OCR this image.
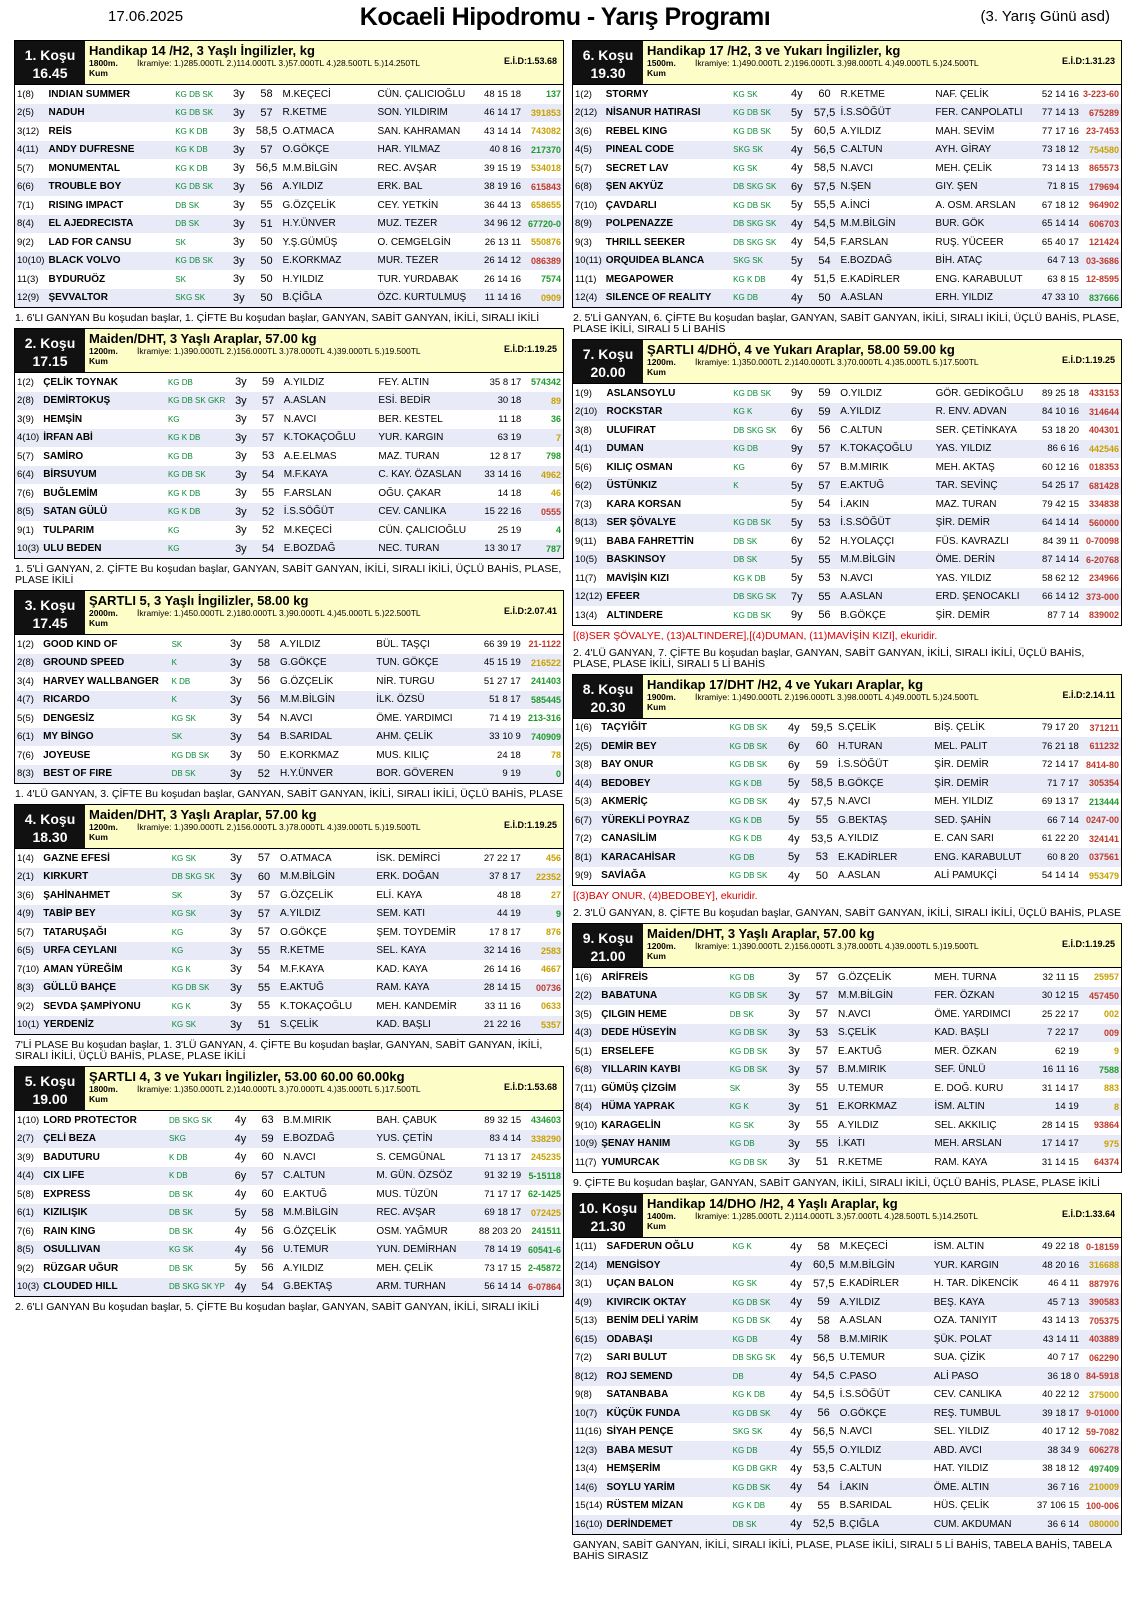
17.06.2025	Kocaeli Hipodromu - Yarış Programı	(3. Yarış Günü asd)
1. Koşu
16.45
Handikap 14 /H2, 3 Yaşlı İngilizler, kg
1800m. Kumİkramiye: 1.)285.000TL 2.)114.000TL 3.)57.000TL 4.)28.500TL 5.)14.250TL	E.İ.D:1.53.68
1(8)	INDIAN SUMMER	KG DB SK	3y	58	M.KEÇECİ	CÜN. ÇALICIOĞLU	48 15 18	137
2(5)	NADUH	KG DB SK	3y	57	R.KETME	SON. YILDIRIM	46 14 17	391853
3(12)	REİS	KG K DB	3y	58,5	O.ATMACA	SAN. KAHRAMAN	43 14 14	743082
4(11)	ANDY DUFRESNE	KG K DB	3y	57	O.GÖKÇE	HAR. YILMAZ	40 8 16	217370
5(7)	MONUMENTAL	KG K DB	3y	56,5	M.M.BİLGİN	REC. AVŞAR	39 15 19	534018
6(6)	TROUBLE BOY	KG DB SK	3y	56	A.YILDIZ	ERK. BAL	38 19 16	615843
7(1)	RISING IMPACT	DB SK	3y	55	G.ÖZÇELİK	CEY. YETKİN	36 44 13	658655
8(4)	EL AJEDRECISTA	DB SK	3y	51	H.Y.ÜNVER	MUZ. TEZER	34 96 12	67720-0
9(2)	LAD FOR CANSU	SK	3y	50	Y.Ş.GÜMÜŞ	O. CEMGELGİN	26 13 11	550876
10(10)	BLACK VOLVO	KG DB SK	3y	50	E.KORKMAZ	MUR. TEZER	26 14 12	086389
11(3)	BYDURUÖZ	SK	3y	50	H.YILDIZ	TUR. YURDABAK	26 14 16	7574
12(9)	ŞEVVALTOR	SKG SK	3y	50	B.ÇİĞLA	ÖZC. KURTULMUŞ	11 14 16	0909
1. 6'LI GANYAN Bu koşudan başlar, 1. ÇİFTE Bu koşudan başlar, GANYAN, SABİT GANYAN, İKİLİ, SIRALI İKİLİ
2. Koşu
17.15
Maiden/DHT, 3 Yaşlı Araplar, 57.00 kg
1200m. Kumİkramiye: 1.)390.000TL 2.)156.000TL 3.)78.000TL 4.)39.000TL 5.)19.500TL	E.İ.D:1.19.25
1(2)	ÇELİK TOYNAK	KG DB	3y	59	A.YILDIZ	FEY. ALTIN	35 8 17	574342
2(8)	DEMİRTOKUŞ	KG DB SK GKR	3y	57	A.ASLAN	ESİ. BEDİR	30 18	89
3(9)	HEMŞİN	KG	3y	57	N.AVCI	BER. KESTEL	11 18	36
4(10)	İRFAN ABİ	KG K DB	3y	57	K.TOKAÇOĞLU	YUR. KARGIN	63 19	7
5(7)	SAMİRO	KG DB	3y	53	A.E.ELMAS	MAZ. TURAN	12 8 17	798
6(4)	BİRSUYUM	KG DB SK	3y	54	M.F.KAYA	C. KAY. ÖZASLAN	33 14 16	4962
7(6)	BUĞLEMİM	KG K DB	3y	55	F.ARSLAN	OĞU. ÇAKAR	14 18	46
8(5)	SATAN GÜLÜ	KG K DB	3y	52	İ.S.SÖĞÜT	CEV. CANLIKA	15 22 16	0555
9(1)	TULPARIM	KG	3y	52	M.KEÇECİ	CÜN. ÇALICIOĞLU	25 19	4
10(3)	ULU BEDEN	KG	3y	54	E.BOZDAĞ	NEC. TURAN	13 30 17	787
1. 5'Lİ GANYAN, 2. ÇİFTE Bu koşudan başlar, GANYAN, SABİT GANYAN, İKİLİ, SIRALI İKİLİ, ÜÇLÜ BAHİS, PLASE, PLASE İKİLİ
3. Koşu
17.45
ŞARTLI 5, 3 Yaşlı İngilizler, 58.00 kg
2000m. Kumİkramiye: 1.)450.000TL 2.)180.000TL 3.)90.000TL 4.)45.000TL 5.)22.500TL	E.İ.D:2.07.41
1(2)	GOOD KIND OF	SK	3y	58	A.YILDIZ	BÜL. TAŞÇI	66 39 19	21-1122
2(8)	GROUND SPEED	K	3y	58	G.GÖKÇE	TUN. GÖKÇE	45 15 19	216522
3(4)	HARVEY WALLBANGER	K DB	3y	56	G.ÖZÇELİK	NİR. TURGU	51 27 17	241403
4(7)	RICARDO	K	3y	56	M.M.BİLGİN	İLK. ÖZSÜ	51 8 17	585445
5(5)	DENGESİZ	KG SK	3y	54	N.AVCI	ÖME. YARDIMCI	71 4 19	213-316
6(1)	MY BİNGO	SK	3y	54	B.SARIDAL	AHM. ÇELİK	33 10 9	740909
7(6)	JOYEUSE	KG DB SK	3y	50	E.KORKMAZ	MUS. KILIÇ	24 18	78
8(3)	BEST OF FIRE	DB SK	3y	52	H.Y.ÜNVER	BOR. GÖVEREN	9 19	0
1. 4'LÜ GANYAN, 3. ÇİFTE Bu koşudan başlar, GANYAN, SABİT GANYAN, İKİLİ, SIRALI İKİLİ, ÜÇLÜ BAHİS, PLASE
4. Koşu
18.30
Maiden/DHT, 3 Yaşlı Araplar, 57.00 kg
1200m. Kumİkramiye: 1.)390.000TL 2.)156.000TL 3.)78.000TL 4.)39.000TL 5.)19.500TL	E.İ.D:1.19.25
1(4)	GAZNE EFESİ	KG SK	3y	57	O.ATMACA	İSK. DEMİRCİ	27 22 17	456
2(1)	KIRKURT	DB SKG SK	3y	60	M.M.BİLGİN	ERK. DOĞAN	37 8 17	22352
3(6)	ŞAHİNAHMET	SK	3y	57	G.ÖZÇELİK	ELİ. KAYA	48 18	27
4(9)	TABİP BEY	KG SK	3y	57	A.YILDIZ	SEM. KATI	44 19	9
5(7)	TATARUŞAĞI	KG	3y	57	O.GÖKÇE	ŞEM. TOYDEMİR	17 8 17	876
6(5)	URFA CEYLANI	KG	3y	55	R.KETME	SEL. KAYA	32 14 16	2583
7(10)	AMAN YÜREĞİM	KG K	3y	54	M.F.KAYA	KAD. KAYA	26 14 16	4667
8(3)	GÜLLÜ BAHÇE	KG DB SK	3y	55	E.AKTUĞ	RAM. KAYA	28 14 15	00736
9(2)	SEVDA ŞAMPİYONU	KG K	3y	55	K.TOKAÇOĞLU	MEH. KANDEMİR	33 11 16	0633
10(1)	YERDENİZ	KG SK	3y	51	S.ÇELİK	KAD. BAŞLI	21 22 16	5357
7'Lİ PLASE Bu koşudan başlar, 1. 3'LÜ GANYAN, 4. ÇİFTE Bu koşudan başlar, GANYAN, SABİT GANYAN, İKİLİ, SIRALI İKİLİ, ÜÇLÜ BAHİS, PLASE, PLASE İKİLİ
5. Koşu
19.00
ŞARTLI 4, 3 ve Yukarı İngilizler, 53.00 60.00 60.00kg
1800m. Kumİkramiye: 1.)350.000TL 2.)140.000TL 3.)70.000TL 4.)35.000TL 5.)17.500TL	E.İ.D:1.53.68
1(10)	LORD PROTECTOR	DB SKG SK	4y	63	B.M.MIRIK	BAH. ÇABUK	89 32 15	434603
2(7)	ÇELİ BEZA	SKG	4y	59	E.BOZDAĞ	YUS. ÇETİN	83 4 14	338290
3(9)	BADUTURU	K DB	4y	60	N.AVCI	S. CEMGÜNAL	71 13 17	245235
4(4)	CIX LIFE	K DB	6y	57	C.ALTUN	M. GÜN. ÖZSÖZ	91 32 19	5-15118
5(8)	EXPRESS	DB SK	4y	60	E.AKTUĞ	MUS. TÜZÜN	71 17 17	62-1425
6(1)	KIZILIŞIK	DB SK	5y	58	M.M.BİLGİN	REC. AVŞAR	69 18 17	072425
7(6)	RAIN KING	DB SK	4y	56	G.ÖZÇELİK	OSM. YAĞMUR	88 203 20	241511
8(5)	OSULLIVAN	KG SK	4y	56	U.TEMUR	YUN. DEMİRHAN	78 14 19	60541-6
9(2)	RÜZGAR UĞUR	DB SK	5y	56	A.YILDIZ	MEH. ÇELİK	73 17 15	2-45872
10(3)	CLOUDED HILL	DB SKG SK YP	4y	54	G.BEKTAŞ	ARM. TURHAN	56 14 14	6-07864
2. 6'LI GANYAN Bu koşudan başlar, 5. ÇİFTE Bu koşudan başlar, GANYAN, SABİT GANYAN, İKİLİ, SIRALI İKİLİ
6. Koşu
19.30
Handikap 17 /H2, 3 ve Yukarı İngilizler, kg
1500m. Kumİkramiye: 1.)490.000TL 2.)196.000TL 3.)98.000TL 4.)49.000TL 5.)24.500TL	E.İ.D:1.31.23
1(2)	STORMY	KG SK	4y	60	R.KETME	NAF. ÇELİK	52 14 16	3-223-60
2(12)	NİSANUR HATIRASI	KG DB SK	5y	57,5	İ.S.SÖĞÜT	FER. CANPOLATLI	77 14 13	675289
3(6)	REBEL KING	KG DB SK	5y	60,5	A.YILDIZ	MAH. SEVİM	77 17 16	23-7453
4(5)	PINEAL CODE	SKG SK	4y	56,5	C.ALTUN	AYH. GİRAY	73 18 12	754580
5(7)	SECRET LAV	KG SK	4y	58,5	N.AVCI	MEH. ÇELİK	73 14 13	865573
6(8)	ŞEN AKYÜZ	DB SKG SK	6y	57,5	N.ŞEN	GIY. ŞEN	71 8 15	179694
7(10)	ÇAVDARLI	KG DB SK	5y	55,5	A.İNCİ	A. OSM. ARSLAN	67 18 12	964902
8(9)	POLPENAZZE	DB SKG SK	4y	54,5	M.M.BİLGİN	BUR. GÖK	65 14 14	606703
9(3)	THRILL SEEKER	DB SKG SK	4y	54,5	F.ARSLAN	RUŞ. YÜCEER	65 40 17	121424
10(11)	ORQUIDEA BLANCA	SKG SK	5y	54	E.BOZDAĞ	BİH. ATAÇ	64 7 13	03-3686
11(1)	MEGAPOWER	KG K DB	4y	51,5	E.KADİRLER	ENG. KARABULUT	63 8 15	12-8595
12(4)	SILENCE OF REALITY	KG DB	4y	50	A.ASLAN	ERH. YILDIZ	47 33 10	837666
2. 5'Lİ GANYAN, 6. ÇİFTE Bu koşudan başlar, GANYAN, SABİT GANYAN, İKİLİ, SIRALI İKİLİ, ÜÇLÜ BAHİS, PLASE, PLASE İKİLİ, SIRALI 5 Lİ BAHİS
7. Koşu
20.00
ŞARTLI 4/DHÖ, 4 ve Yukarı Araplar, 58.00 59.00 kg
1200m. Kumİkramiye: 1.)350.000TL 2.)140.000TL 3.)70.000TL 4.)35.000TL 5.)17.500TL	E.İ.D:1.19.25
1(9)	ASLANSOYLU	KG DB SK	9y	59	O.YILDIZ	GÖR. GEDİKOĞLU	89 25 18	433153
2(10)	ROCKSTAR	KG K	6y	59	A.YILDIZ	R. ENV. ADVAN	84 10 16	314644
3(8)	ULUFIRAT	DB SKG SK	6y	56	C.ALTUN	SER. ÇETİNKAYA	53 18 20	404301
4(1)	DUMAN	KG DB	9y	57	K.TOKAÇOĞLU	YAS. YILDIZ	86 6 16	442546
5(6)	KILIÇ OSMAN	KG	6y	57	B.M.MIRIK	MEH. AKTAŞ	60 12 16	018353
6(2)	ÜSTÜNKIZ	K	5y	57	E.AKTUĞ	TAR. SEVİNÇ	54 25 17	681428
7(3)	KARA KORSAN		5y	54	İ.AKIN	MAZ. TURAN	79 42 15	334838
8(13)	SER ŞÖVALYE	KG DB SK	5y	53	İ.S.SÖĞÜT	ŞİR. DEMİR	64 14 14	560000
9(11)	BABA FAHRETTİN	DB SK	6y	52	H.YOLAÇÇI	FÜS. KAVRAZLI	84 39 11	0-70098
10(5)	BASKINSOY	DB SK	5y	55	M.M.BİLGİN	ÖME. DERİN	87 14 14	6-20768
11(7)	MAVİŞİN KIZI	KG K DB	5y	53	N.AVCI	YAS. YILDIZ	58 62 12	234966
12(12)	EFEER	DB SKG SK	7y	55	A.ASLAN	ERD. ŞENOCAKLI	66 14 12	373-000
13(4)	ALTINDERE	KG DB SK	9y	56	B.GÖKÇE	ŞİR. DEMİR	87 7 14	839002
[(8)SER ŞÖVALYE, (13)ALTINDERE],[(4)DUMAN, (11)MAVİŞİN KIZI], ekuridir.
2. 4'LÜ GANYAN, 7. ÇİFTE Bu koşudan başlar, GANYAN, SABİT GANYAN, İKİLİ, SIRALI İKİLİ, ÜÇLÜ BAHİS, PLASE, PLASE İKİLİ, SIRALI 5 Lİ BAHİS
8. Koşu
20.30
Handikap 17/DHT /H2, 4 ve Yukarı Araplar, kg
1900m. Kumİkramiye: 1.)490.000TL 2.)196.000TL 3.)98.000TL 4.)49.000TL 5.)24.500TL	E.İ.D:2.14.11
1(6)	TAÇYİĞİT	KG DB SK	4y	59,5	S.ÇELİK	BİŞ. ÇELİK	79 17 20	371211
2(5)	DEMİR BEY	KG DB SK	6y	60	H.TURAN	MEL. PALIT	76 21 18	611232
3(8)	BAY ONUR	KG DB SK	6y	59	İ.S.SÖĞÜT	ŞİR. DEMİR	72 14 17	8414-80
4(4)	BEDOBEY	KG K DB	5y	58,5	B.GÖKÇE	ŞİR. DEMİR	71 7 17	305354
5(3)	AKMERİÇ	KG DB SK	4y	57,5	N.AVCI	MEH. YILDIZ	69 13 17	213444
6(7)	YÜREKLİ POYRAZ	KG K DB	5y	55	G.BEKTAŞ	SED. ŞAHİN	66 7 14	0247-00
7(2)	CANASİLİM	KG K DB	4y	53,5	A.YILDIZ	E. CAN SARI	61 22 20	324141
8(1)	KARACAHİSAR	KG DB	5y	53	E.KADİRLER	ENG. KARABULUT	60 8 20	037561
9(9)	SAVİAĞA	KG DB SK	4y	50	A.ASLAN	ALİ PAMUKÇİ	54 14 14	953479
[(3)BAY ONUR, (4)BEDOBEY], ekuridir.
2. 3'LÜ GANYAN, 8. ÇİFTE Bu koşudan başlar, GANYAN, SABİT GANYAN, İKİLİ, SIRALI İKİLİ, ÜÇLÜ BAHİS, PLASE
9. Koşu
21.00
Maiden/DHT, 3 Yaşlı Araplar, 57.00 kg
1200m. Kumİkramiye: 1.)390.000TL 2.)156.000TL 3.)78.000TL 4.)39.000TL 5.)19.500TL	E.İ.D:1.19.25
1(6)	ARİFREİS	KG DB	3y	57	G.ÖZÇELİK	MEH. TURNA	32 11 15	25957
2(2)	BABATUNA	KG DB SK	3y	57	M.M.BİLGİN	FER. ÖZKAN	30 12 15	457450
3(5)	ÇILGIN HEME	DB SK	3y	57	N.AVCI	ÖME. YARDIMCI	25 22 17	002
4(3)	DEDE HÜSEYİN	KG DB SK	3y	53	S.ÇELİK	KAD. BAŞLI	7 22 17	009
5(1)	ERSELEFE	KG DB SK	3y	57	E.AKTUĞ	MER. ÖZKAN	62 19	9
6(8)	YILLARIN KAYBI	KG DB SK	3y	57	B.M.MIRIK	SEF. ÜNLÜ	16 11 16	7588
7(11)	GÜMÜŞ ÇİZGİM	SK	3y	55	U.TEMUR	E. DOĞ. KURU	31 14 17	883
8(4)	HÜMA YAPRAK	KG K	3y	51	E.KORKMAZ	İSM. ALTIN	14 19	8
9(10)	KARAGELİN	KG SK	3y	55	A.YILDIZ	SEL. AKKILIÇ	28 14 15	93864
10(9)	ŞENAY HANIM	KG DB	3y	55	İ.KATI	MEH. ARSLAN	17 14 17	975
11(7)	YUMURCAK	KG DB SK	3y	51	R.KETME	RAM. KAYA	31 14 15	64374
9. ÇİFTE Bu koşudan başlar, GANYAN, SABİT GANYAN, İKİLİ, SIRALI İKİLİ, ÜÇLÜ BAHİS, PLASE, PLASE İKİLİ
10. Koşu
21.30
Handikap 14/DHO /H2, 4 Yaşlı Araplar, kg
1400m. Kumİkramiye: 1.)285.000TL 2.)114.000TL 3.)57.000TL 4.)28.500TL 5.)14.250TL	E.İ.D:1.33.64
1(11)	SAFDERUN OĞLU	KG K	4y	58	M.KEÇECİ	İSM. ALTIN	49 22 18	0-18159
2(14)	MENGİSOY		4y	60,5	M.M.BİLGİN	YUR. KARGIN	48 20 16	316688
3(1)	UÇAN BALON	KG SK	4y	57,5	E.KADİRLER	H. TAR. DİKENCİK	46 4 11	887976
4(9)	KIVIRCIK OKTAY	KG DB SK	4y	59	A.YILDIZ	BEŞ. KAYA	45 7 13	390583
5(13)	BENİM DELİ YARİM	KG DB SK	4y	58	A.ASLAN	OZA. TANIYIT	43 14 13	705375
6(15)	ODABAŞI	KG DB	4y	58	B.M.MIRIK	ŞÜK. POLAT	43 14 11	403889
7(2)	SARI BULUT	DB SKG SK	4y	56,5	U.TEMUR	SUA. ÇİZİK	40 7 17	062290
8(12)	ROJ SEMEND	DB	4y	54,5	C.PASO	ALİ PASO	36 18 0	84-5918
9(8)	SATANBABA	KG K DB	4y	54,5	İ.S.SÖĞÜT	CEV. CANLIKA	40 22 12	375000
10(7)	KÜÇÜK FUNDA	KG DB SK	4y	56	O.GÖKÇE	REŞ. TUMBUL	39 18 17	9-01000
11(16)	SİYAH PENÇE	SKG SK	4y	56,5	N.AVCI	SEL. YILDIZ	40 17 12	59-7082
12(3)	BABA MESUT	KG DB	4y	55,5	O.YILDIZ	ABD. AVCI	38 34 9	606278
13(4)	HEMŞERİM	KG DB GKR	4y	53,5	C.ALTUN	HAT. YILDIZ	38 18 12	497409
14(6)	SOYLU YARİM	KG DB SK	4y	54	İ.AKIN	ÖME. ALTIN	36 7 16	210009
15(14)	RÜSTEM MİZAN	KG K DB	4y	55	B.SARIDAL	HÜS. ÇELİK	37 106 15	100-006
16(10)	DERİNDEMET	DB SK	4y	52,5	B.ÇIĞLA	CUM. AKDUMAN	36 6 14	080000
GANYAN, SABİT GANYAN, İKİLİ, SIRALI İKİLİ, PLASE, PLASE İKİLİ, SIRALI 5 Lİ BAHİS, TABELA BAHİS, TABELA BAHİS SIRASIZ
